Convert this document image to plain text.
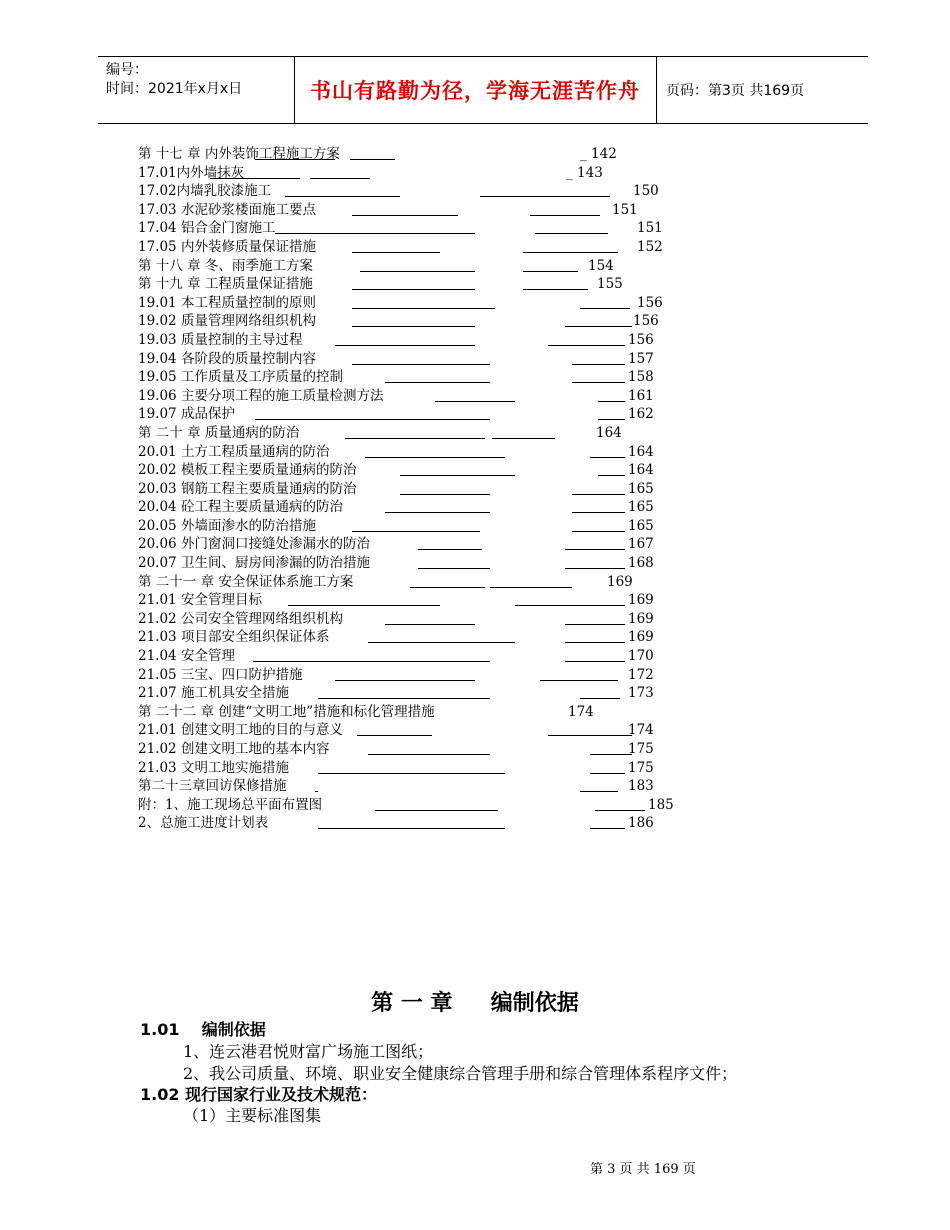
编号：
时间：2021年x月x日	书山有路勤为径，学海无涯苦作舟	页码：第3页 共169页
第 十七 章 内外装饰工程施工方案	_ 142
17.01内外墙抹灰	_ 143
17.02内墙乳胶漆施工	150
17.03 水泥砂浆楼面施工要点	151
17.04 铝合金门窗施工	151
17.05 内外装修质量保证措施	152
第 十八 章 冬、雨季施工方案	154
第 十九 章 工程质量保证措施	155
19.01 本工程质量控制的原则	156
19.02 质量管理网络组织机构	156
19.03 质量控制的主导过程	156
19.04 各阶段的质量控制内容	157
19.05 工作质量及工序质量的控制	158
19.06 主要分项工程的施工质量检测方法	161
19.07 成品保护	162
第 二十 章 质量通病的防治	164
20.01 土方工程质量通病的防治	164
20.02 模板工程主要质量通病的防治	164
20.03 钢筋工程主要质量通病的防治	165
20.04 砼工程主要质量通病的防治	165
20.05 外墙面渗水的防治措施	165
20.06 外门窗洞口接缝处渗漏水的防治	167
20.07 卫生间、厨房间渗漏的防治措施	168
第 二十一 章 安全保证体系施工方案	169
21.01 安全管理目标	169
21.02 公司安全管理网络组织机构	169
21.03 项目部安全组织保证体系	169
21.04 安全管理	170
21.05 三宝、四口防护措施	172
21.07 施工机具安全措施	173
第 二十二 章 创建“文明工地”措施和标化管理措施	174
21.01 创建文明工地的目的与意义	174
21.02 创建文明工地的基本内容	175
21.03 文明工地实施措施	175
第二十三章回访保修措施	183
附：1、施工现场总平面布置图	185
2、总施工进度计划表	186
第 一 章     编制依据
1.01    编制依据
1、连云港君悦财富广场施工图纸；
2、我公司质量、环境、职业安全健康综合管理手册和综合管理体系程序文件；
1.02 现行国家行业及技术规范：
（1）主要标准图集
第 3 页 共 169 页
